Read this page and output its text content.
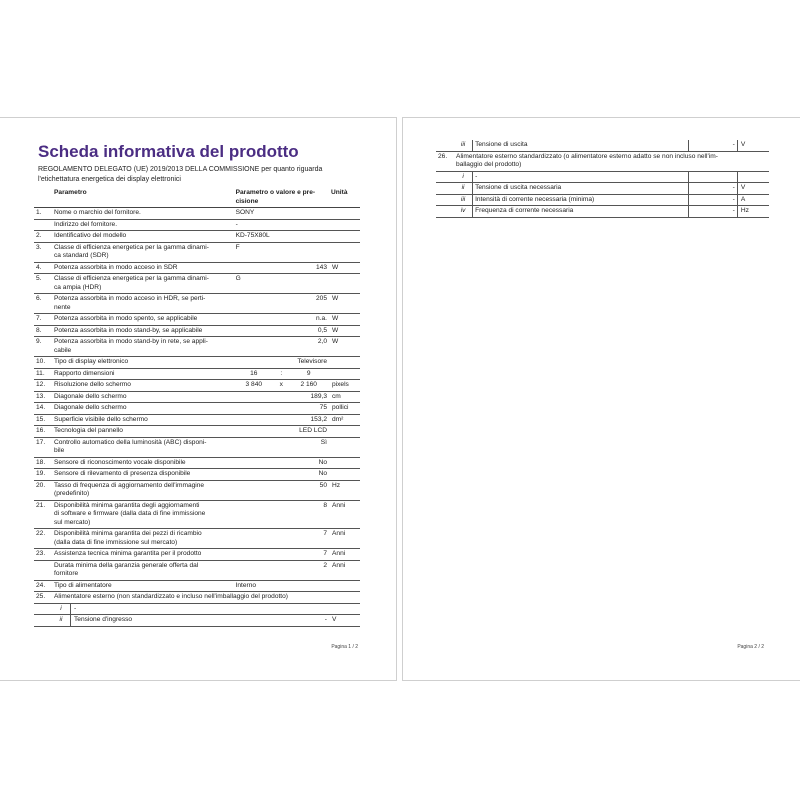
Scheda informativa del prodotto
REGOLAMENTO DELEGATO (UE) 2019/2013 DELLA COMMISSIONE per quanto riguarda
l'etichettatura energetica dei display elettronici
	Parametro	Parametro o valore e pre-
cisione			Unità
1.	Nome o marchio del fornitore.	SONY			
	Indirizzo del fornitore.	-			
2.	Identificativo del modello	KD-75X80L			
3.	Classe di efficienza energetica per la gamma dinami-
ca standard (SDR)	F			
4.	Potenza assorbita in modo acceso in SDR	143			W
5.	Classe di efficienza energetica per la gamma dinami-
ca ampia (HDR)	G			
6.	Potenza assorbita in modo acceso in HDR, se perti-
nente	205			W
7.	Potenza assorbita in modo spento, se applicabile	n.a.			W
8.	Potenza assorbita in modo stand-by, se applicabile	0,5			W
9.	Potenza assorbita in modo stand-by in rete, se appli-
cabile	2,0			W
10.	Tipo di display elettronico	Televisore			
11.	Rapporto dimensioni	16	:	9	
12.	Risoluzione dello schermo	3 840	x	2 160	pixels
13.	Diagonale dello schermo	189,3			cm
14.	Diagonale dello schermo	75			pollici
15.	Superficie visibile dello schermo	153,2			dm²
16.	Tecnologia del pannello	LED LCD			
17.	Controllo automatico della luminosità (ABC) disponi-
bile	Sì			
18.	Sensore di riconoscimento vocale disponibile	No			
19.	Sensore di rilevamento di presenza disponibile	No			
20.	Tasso di frequenza di aggiornamento dell'immagine
(predefinito)	50			Hz
21.	Disponibilità minima garantita degli aggiornamenti
di software e firmware (dalla data di fine immissione
sul mercato)	8			Anni
22.	Disponibilità minima garantita dei pezzi di ricambio
(dalla data di fine immissione sul mercato)	7			Anni
23.	Assistenza tecnica minima garantita per il prodotto	7			Anni
	Durata minima della garanzia generale offerta dal
fornitore	2			Anni
24.	Tipo di alimentatore	Interno			
25.	Alimentatore esterno (non standardizzato e incluso nell'imballaggio del prodotto)				

	i -				

	ii Tensione d'ingresso	-			V
Pagina 1 / 2
	iii	Tensione di uscita	-	V
26.	Alimentatore esterno standardizzato (o alimentatore esterno adatto se non incluso nell'im-
ballaggio del prodotto)			
	i	-		
	ii	Tensione di uscita necessaria	-	V
	iii	Intensità di corrente necessaria (minima)	-	A
	iv	Frequenza di corrente necessaria	-	Hz
Pagina 2 / 2
